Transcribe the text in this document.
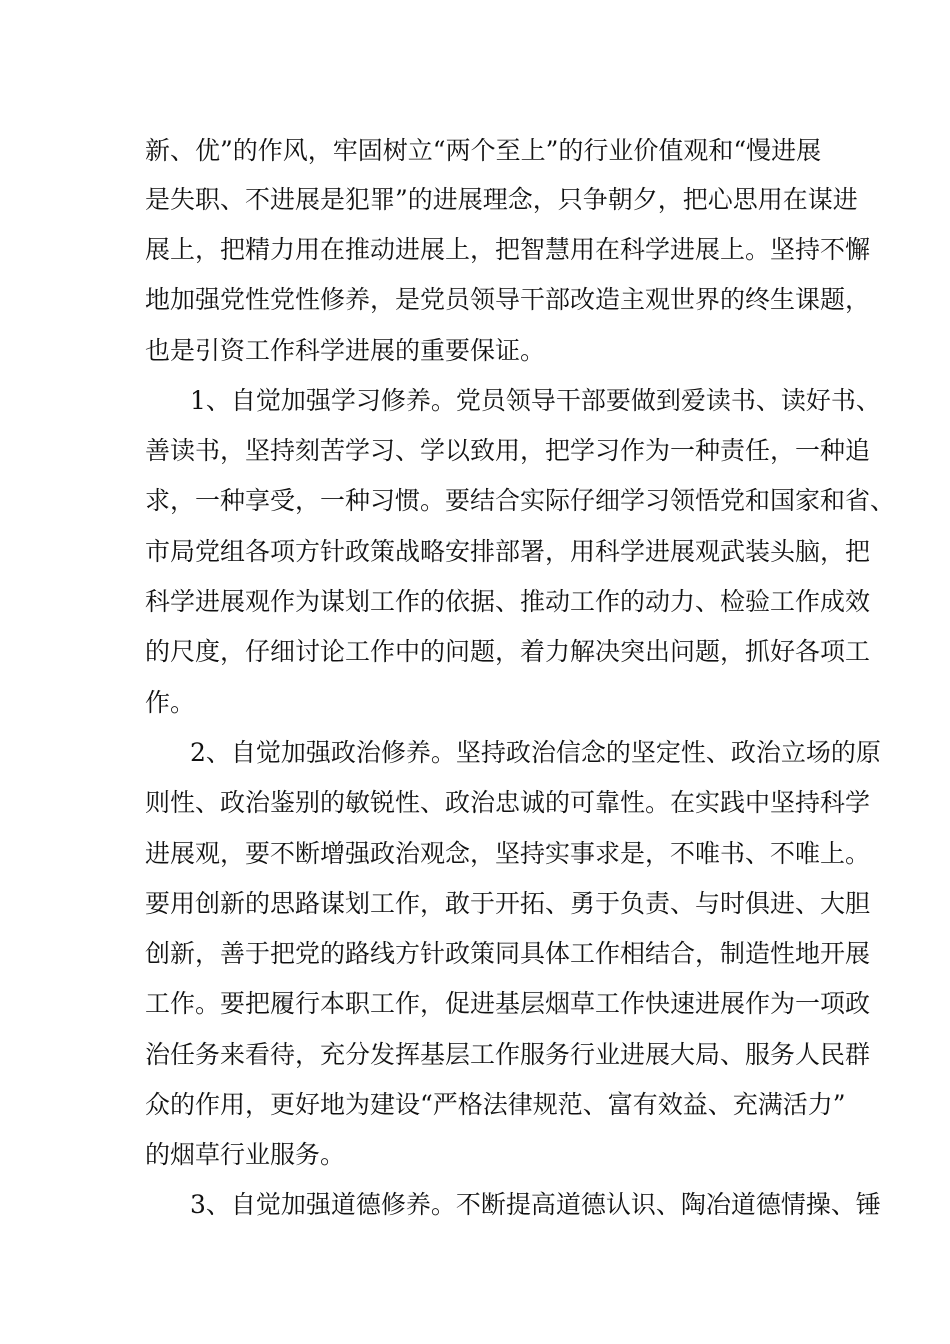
新、优”的作风，牢固树立“两个至上”的行业价值观和“慢进展
是失职、不进展是犯罪”的进展理念，只争朝夕，把心思用在谋进
展上，把精力用在推动进展上，把智慧用在科学进展上。坚持不懈
地加强党性党性修养，是党员领导干部改造主观世界的终生课题，
也是引资工作科学进展的重要保证。
1、自觉加强学习修养。党员领导干部要做到爱读书、读好书、
善读书，坚持刻苦学习、学以致用，把学习作为一种责任，一种追
求，一种享受，一种习惯。要结合实际仔细学习领悟党和国家和省、
市局党组各项方针政策战略安排部署，用科学进展观武装头脑，把
科学进展观作为谋划工作的依据、推动工作的动力、检验工作成效
的尺度，仔细讨论工作中的问题，着力解决突出问题，抓好各项工
作。
2、自觉加强政治修养。坚持政治信念的坚定性、政治立场的原
则性、政治鉴别的敏锐性、政治忠诚的可靠性。在实践中坚持科学
进展观，要不断增强政治观念，坚持实事求是，不唯书、不唯上。
要用创新的思路谋划工作，敢于开拓、勇于负责、与时俱进、大胆
创新，善于把党的路线方针政策同具体工作相结合，制造性地开展
工作。要把履行本职工作，促进基层烟草工作快速进展作为一项政
治任务来看待，充分发挥基层工作服务行业进展大局、服务人民群
众的作用，更好地为建设“严格法律规范、富有效益、充满活力”
的烟草行业服务。
3、自觉加强道德修养。不断提高道德认识、陶冶道德情操、锤
